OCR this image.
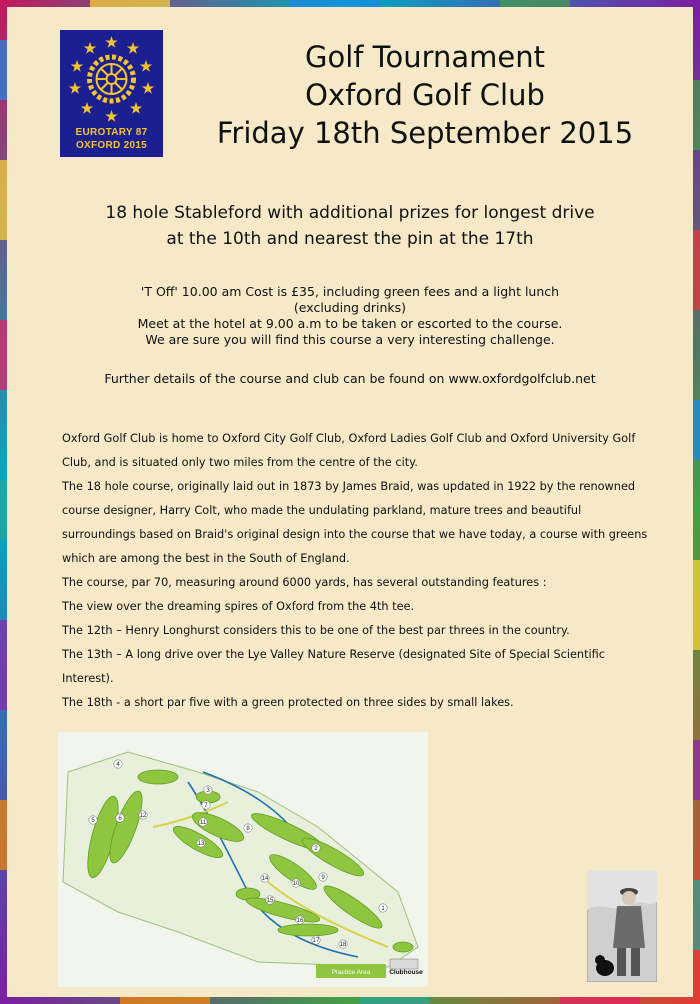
EUROTARY 87
OXFORD 2015
Golf Tournament
Oxford Golf Club
Friday 18th September 2015
18 hole Stableford with additional prizes for longest drive
at the 10th and nearest the pin at the 17th
'T Off' 10.00 am Cost is £35, including green fees and a light lunch
(excluding drinks)
Meet at the hotel at 9.00 a.m to be taken or escorted to the course.
We are sure you will find this course a very interesting challenge.
Further details of the course and club can be found on www.oxfordgolfclub.net

Oxford Golf Club is home to Oxford City Golf Club, Oxford Ladies Golf Club and Oxford University Golf Club, and is situated only two miles from the centre of the city.

The 18 hole course, originally laid out in 1873 by James Braid, was updated in 1922 by the renowned course designer, Harry Colt, who made the undulating parkland, mature trees and beautiful surroundings based on Braid's original design into the course that we have today, a course with greens which are among the best in the South of England.

The course, par 70, measuring around 6000 yards, has several outstanding features :

The view over the dreaming spires of Oxford from the 4th tee.

The 12th – Henry Longhurst considers this to be one of the best par threes in the country.

The 13th – A long drive over the Lye Valley Nature Reserve (designated Site of Special Scientific Interest).

The 18th - a short par five with a green protected on three sides by small lakes.

1
2
3
4
5	6
7
8
9
10
11
12
13
14
15
16
17
18
Practice Area	Clubhouse
